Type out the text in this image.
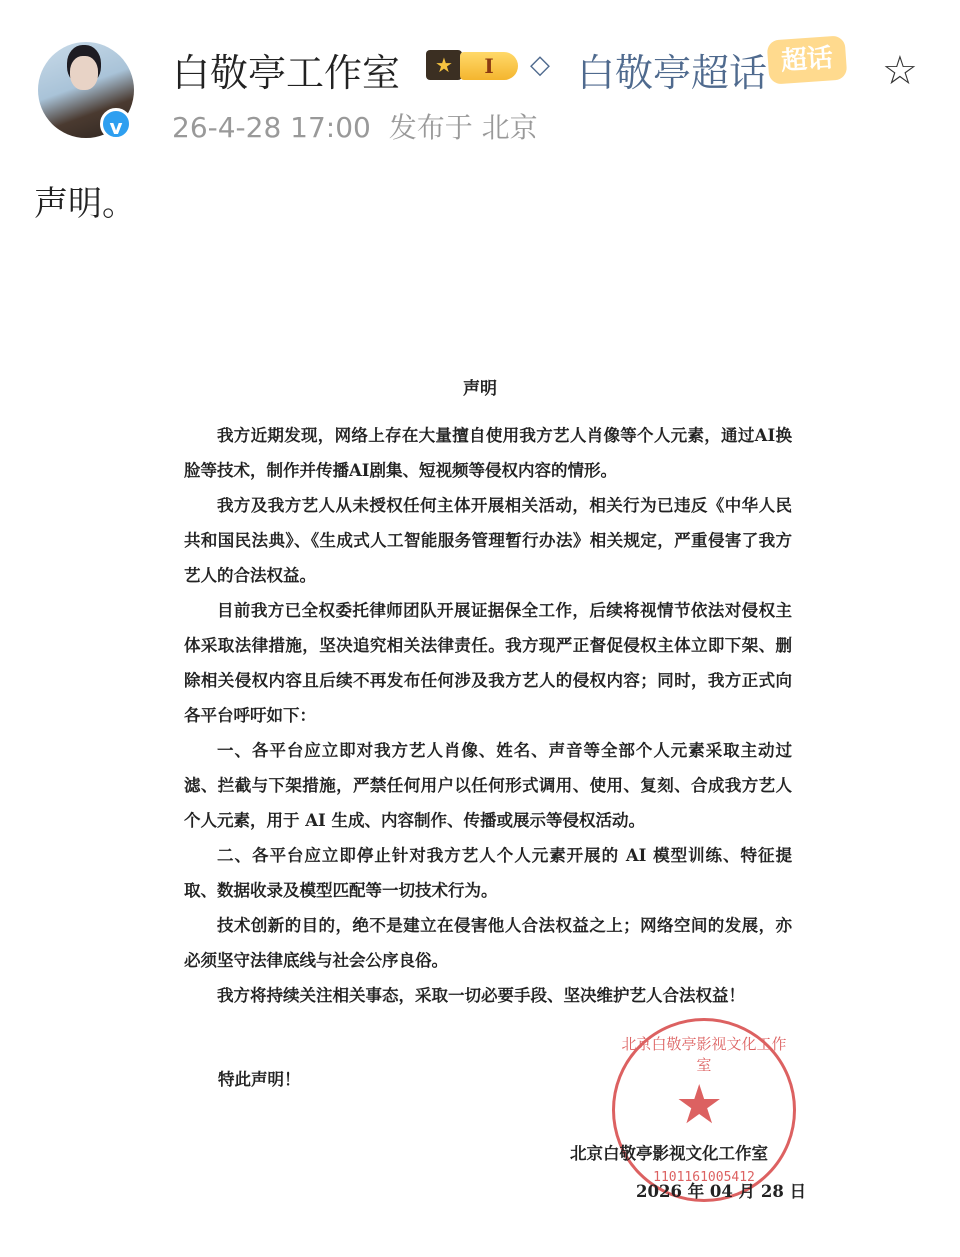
v
白敬亭工作室	★	I	◇ 白敬亭超话 超话	☆
26-4-28 17:00 发布于 北京
声明。
声明

我方近期发现，网络上存在大量擅自使用我方艺人肖像等个人元素，通过AI换脸等技术，制作并传播AI剧集、短视频等侵权内容的情形。

我方及我方艺人从未授权任何主体开展相关活动，相关行为已违反《中华人民共和国民法典》、《生成式人工智能服务管理暂行办法》相关规定，严重侵害了我方艺人的合法权益。

目前我方已全权委托律师团队开展证据保全工作，后续将视情节依法对侵权主体采取法律措施，坚决追究相关法律责任。我方现严正督促侵权主体立即下架、删除相关侵权内容且后续不再发布任何涉及我方艺人的侵权内容；同时，我方正式向各平台呼吁如下：

一、各平台应立即对我方艺人肖像、姓名、声音等全部个人元素采取主动过滤、拦截与下架措施，严禁任何用户以任何形式调用、使用、复刻、合成我方艺人个人元素，用于 AI 生成、内容制作、传播或展示等侵权活动。

二、各平台应立即停止针对我方艺人个人元素开展的 AI 模型训练、特征提取、数据收录及模型匹配等一切技术行为。

技术创新的目的，绝不是建立在侵害他人合法权益之上；网络空间的发展，亦必须坚守法律底线与社会公序良俗。

我方将持续关注相关事态，采取一切必要手段、坚决维护艺人合法权益！

特此声明！
北京白敬亭影视文化工作室
★
1101161005412
北京白敬亭影视文化工作室
2026 年 04 月 28 日
